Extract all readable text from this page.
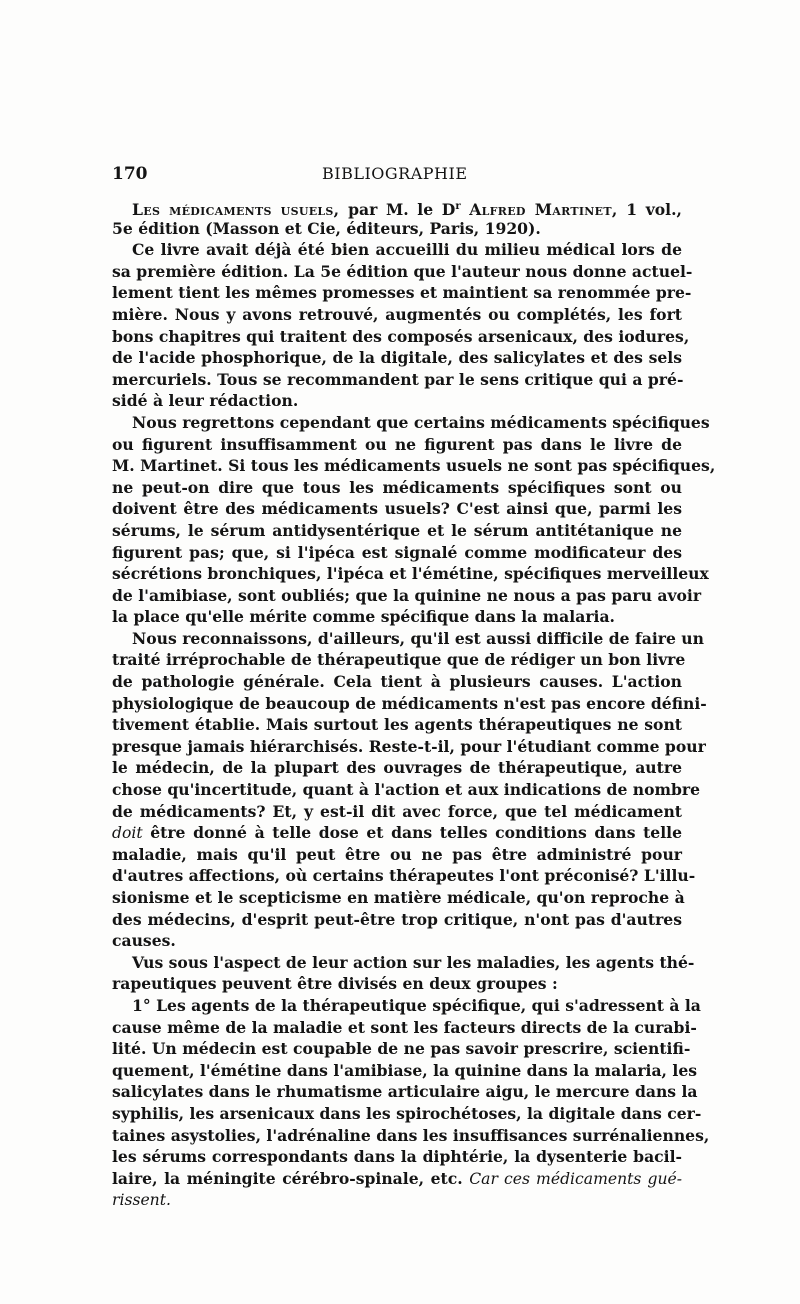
170	BIBLIOGRAPHIE
Les médicaments usuels, par M. le $D^r$ Alfred Martinet, 1 vol.,
5e édition (Masson et Cie, éditeurs, Paris, 1920).
Ce livre avait déjà été bien accueilli du milieu médical lors de
sa première édition. La 5e édition que l'auteur nous donne actuel-
lement tient les mêmes promesses et maintient sa renommée pre-
mière. Nous y avons retrouvé, augmentés ou complétés, les fort
bons chapitres qui traitent des composés arsenicaux, des iodures,
de l'acide phosphorique, de la digitale, des salicylates et des sels
mercuriels. Tous se recommandent par le sens critique qui a pré-
sidé à leur rédaction.
Nous regrettons cependant que certains médicaments spécifiques
ou figurent insuffisamment ou ne figurent pas dans le livre de
M. Martinet. Si tous les médicaments usuels ne sont pas spécifiques,
ne peut-on dire que tous les médicaments spécifiques sont ou
doivent être des médicaments usuels? C'est ainsi que, parmi les
sérums, le sérum antidysentérique et le sérum antitétanique ne
figurent pas; que, si l'ipéca est signalé comme modificateur des
sécrétions bronchiques, l'ipéca et l'émétine, spécifiques merveilleux
de l'amibiase, sont oubliés; que la quinine ne nous a pas paru avoir
la place qu'elle mérite comme spécifique dans la malaria.
Nous reconnaissons, d'ailleurs, qu'il est aussi difficile de faire un
traité irréprochable de thérapeutique que de rédiger un bon livre
de pathologie générale. Cela tient à plusieurs causes. L'action
physiologique de beaucoup de médicaments n'est pas encore défini-
tivement établie. Mais surtout les agents thérapeutiques ne sont
presque jamais hiérarchisés. Reste-t-il, pour l'étudiant comme pour
le médecin, de la plupart des ouvrages de thérapeutique, autre
chose qu'incertitude, quant à l'action et aux indications de nombre
de médicaments? Et, y est-il dit avec force, que tel médicament
doit être donné à telle dose et dans telles conditions dans telle
maladie, mais qu'il peut être ou ne pas être administré pour
d'autres affections, où certains thérapeutes l'ont préconisé? L'illu-
sionisme et le scepticisme en matière médicale, qu'on reproche à
des médecins, d'esprit peut-être trop critique, n'ont pas d'autres
causes.
Vus sous l'aspect de leur action sur les maladies, les agents thé-
rapeutiques peuvent être divisés en deux groupes :
1° Les agents de la thérapeutique spécifique, qui s'adressent à la
cause même de la maladie et sont les facteurs directs de la curabi-
lité. Un médecin est coupable de ne pas savoir prescrire, scientifi-
quement, l'émétine dans l'amibiase, la quinine dans la malaria, les
salicylates dans le rhumatisme articulaire aigu, le mercure dans la
syphilis, les arsenicaux dans les spirochétoses, la digitale dans cer-
taines asystolies, l'adrénaline dans les insuffisances surrénaliennes,
les sérums correspondants dans la diphtérie, la dysenterie bacil-
laire, la méningite cérébro-spinale, etc. Car ces médicaments gué-
rissent.
